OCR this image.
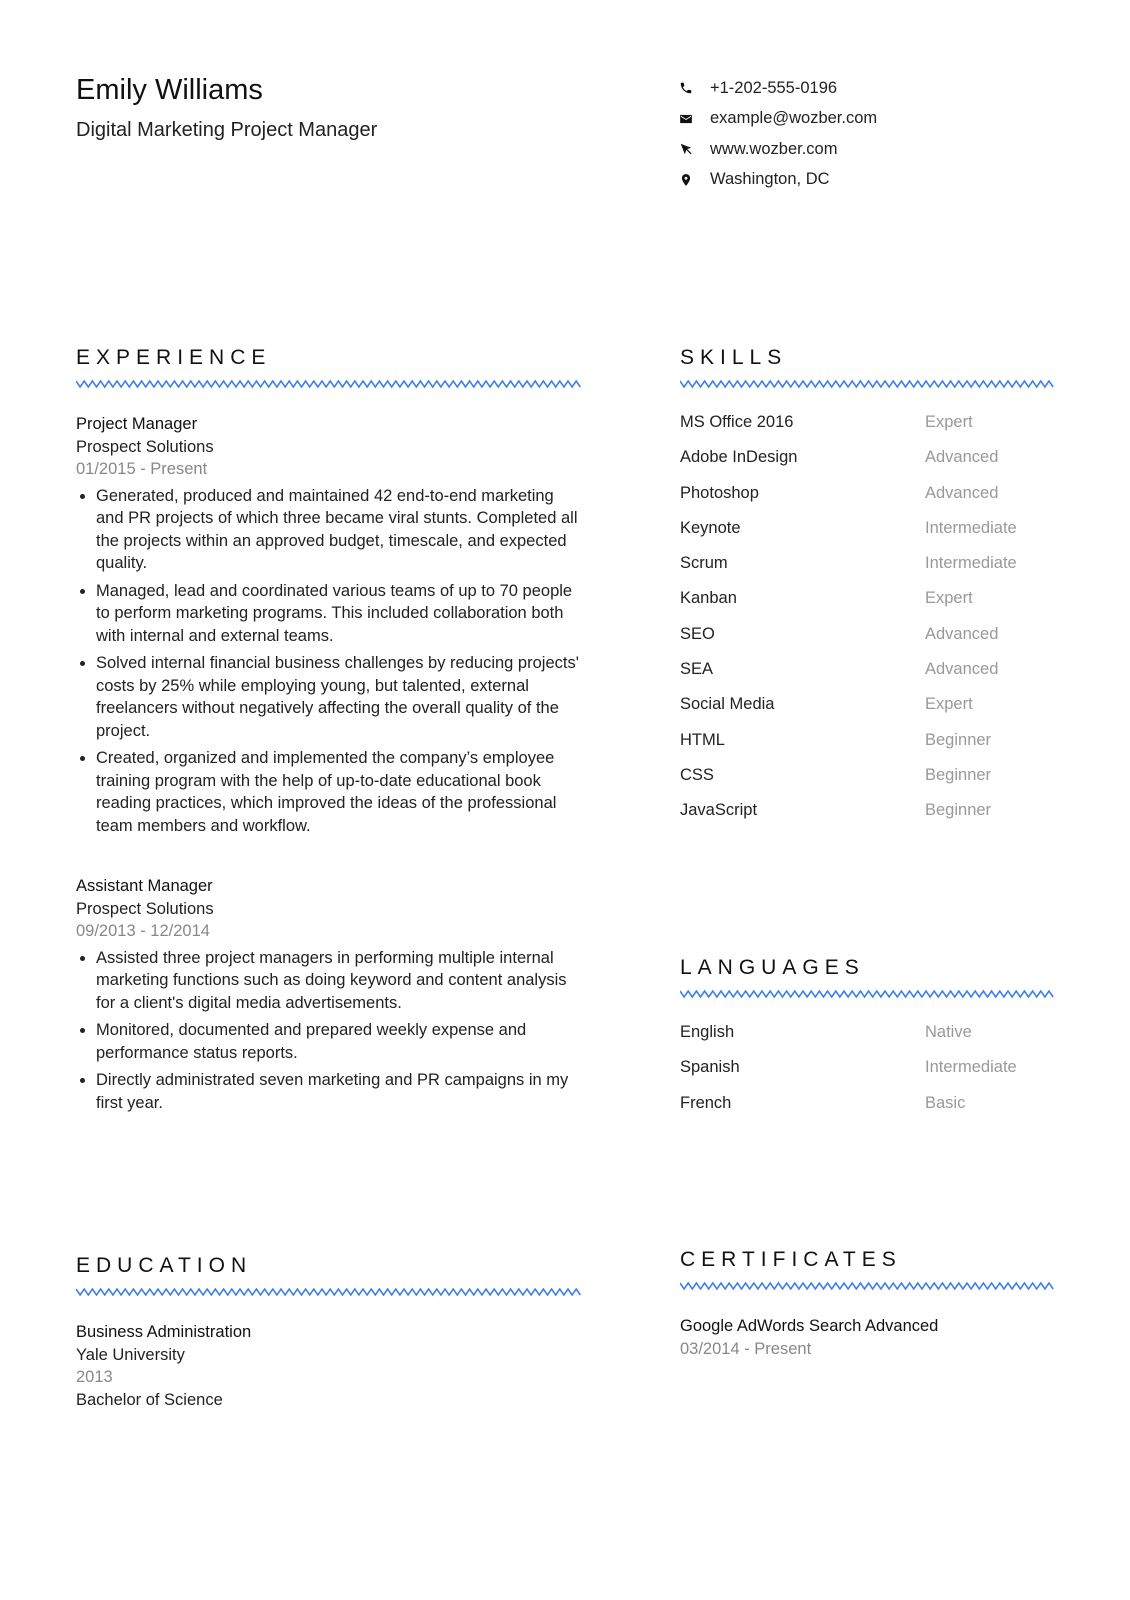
Emily Williams
Digital Marketing Project Manager
+1-202-555-0196
example@wozber.com
www.wozber.com
Washington, DC
EXPERIENCE
Project Manager
Prospect Solutions
01/2015 - Present
• Generated, produced and maintained 42 end-to-end marketing and PR projects of which three became viral stunts. Completed all the projects within an approved budget, timescale, and expected quality.
• Managed, lead and coordinated various teams of up to 70 people to perform marketing programs. This included collaboration both with internal and external teams.
• Solved internal financial business challenges by reducing projects' costs by 25% while employing young, but talented, external freelancers without negatively affecting the overall quality of the project.
• Created, organized and implemented the company’s employee training program with the help of up-to-date educational book reading practices, which improved the ideas of the professional team members and workflow.
Assistant Manager
Prospect Solutions
09/2013 - 12/2014
• Assisted three project managers in performing multiple internal marketing functions such as doing keyword and content analysis for a client's digital media advertisements.
• Monitored, documented and prepared weekly expense and performance status reports.
• Directly administrated seven marketing and PR campaigns in my first year.
SKILLS
MS Office 2016	Expert
Adobe InDesign	Advanced
Photoshop	Advanced
Keynote	Intermediate
Scrum	Intermediate
Kanban	Expert
SEO	Advanced
SEA	Advanced
Social Media	Expert
HTML	Beginner
CSS	Beginner
JavaScript	Beginner
LANGUAGES
English	Native
Spanish	Intermediate
French	Basic
EDUCATION
Business Administration
Yale University
2013
Bachelor of Science
CERTIFICATES
Google AdWords Search Advanced
03/2014 - Present
